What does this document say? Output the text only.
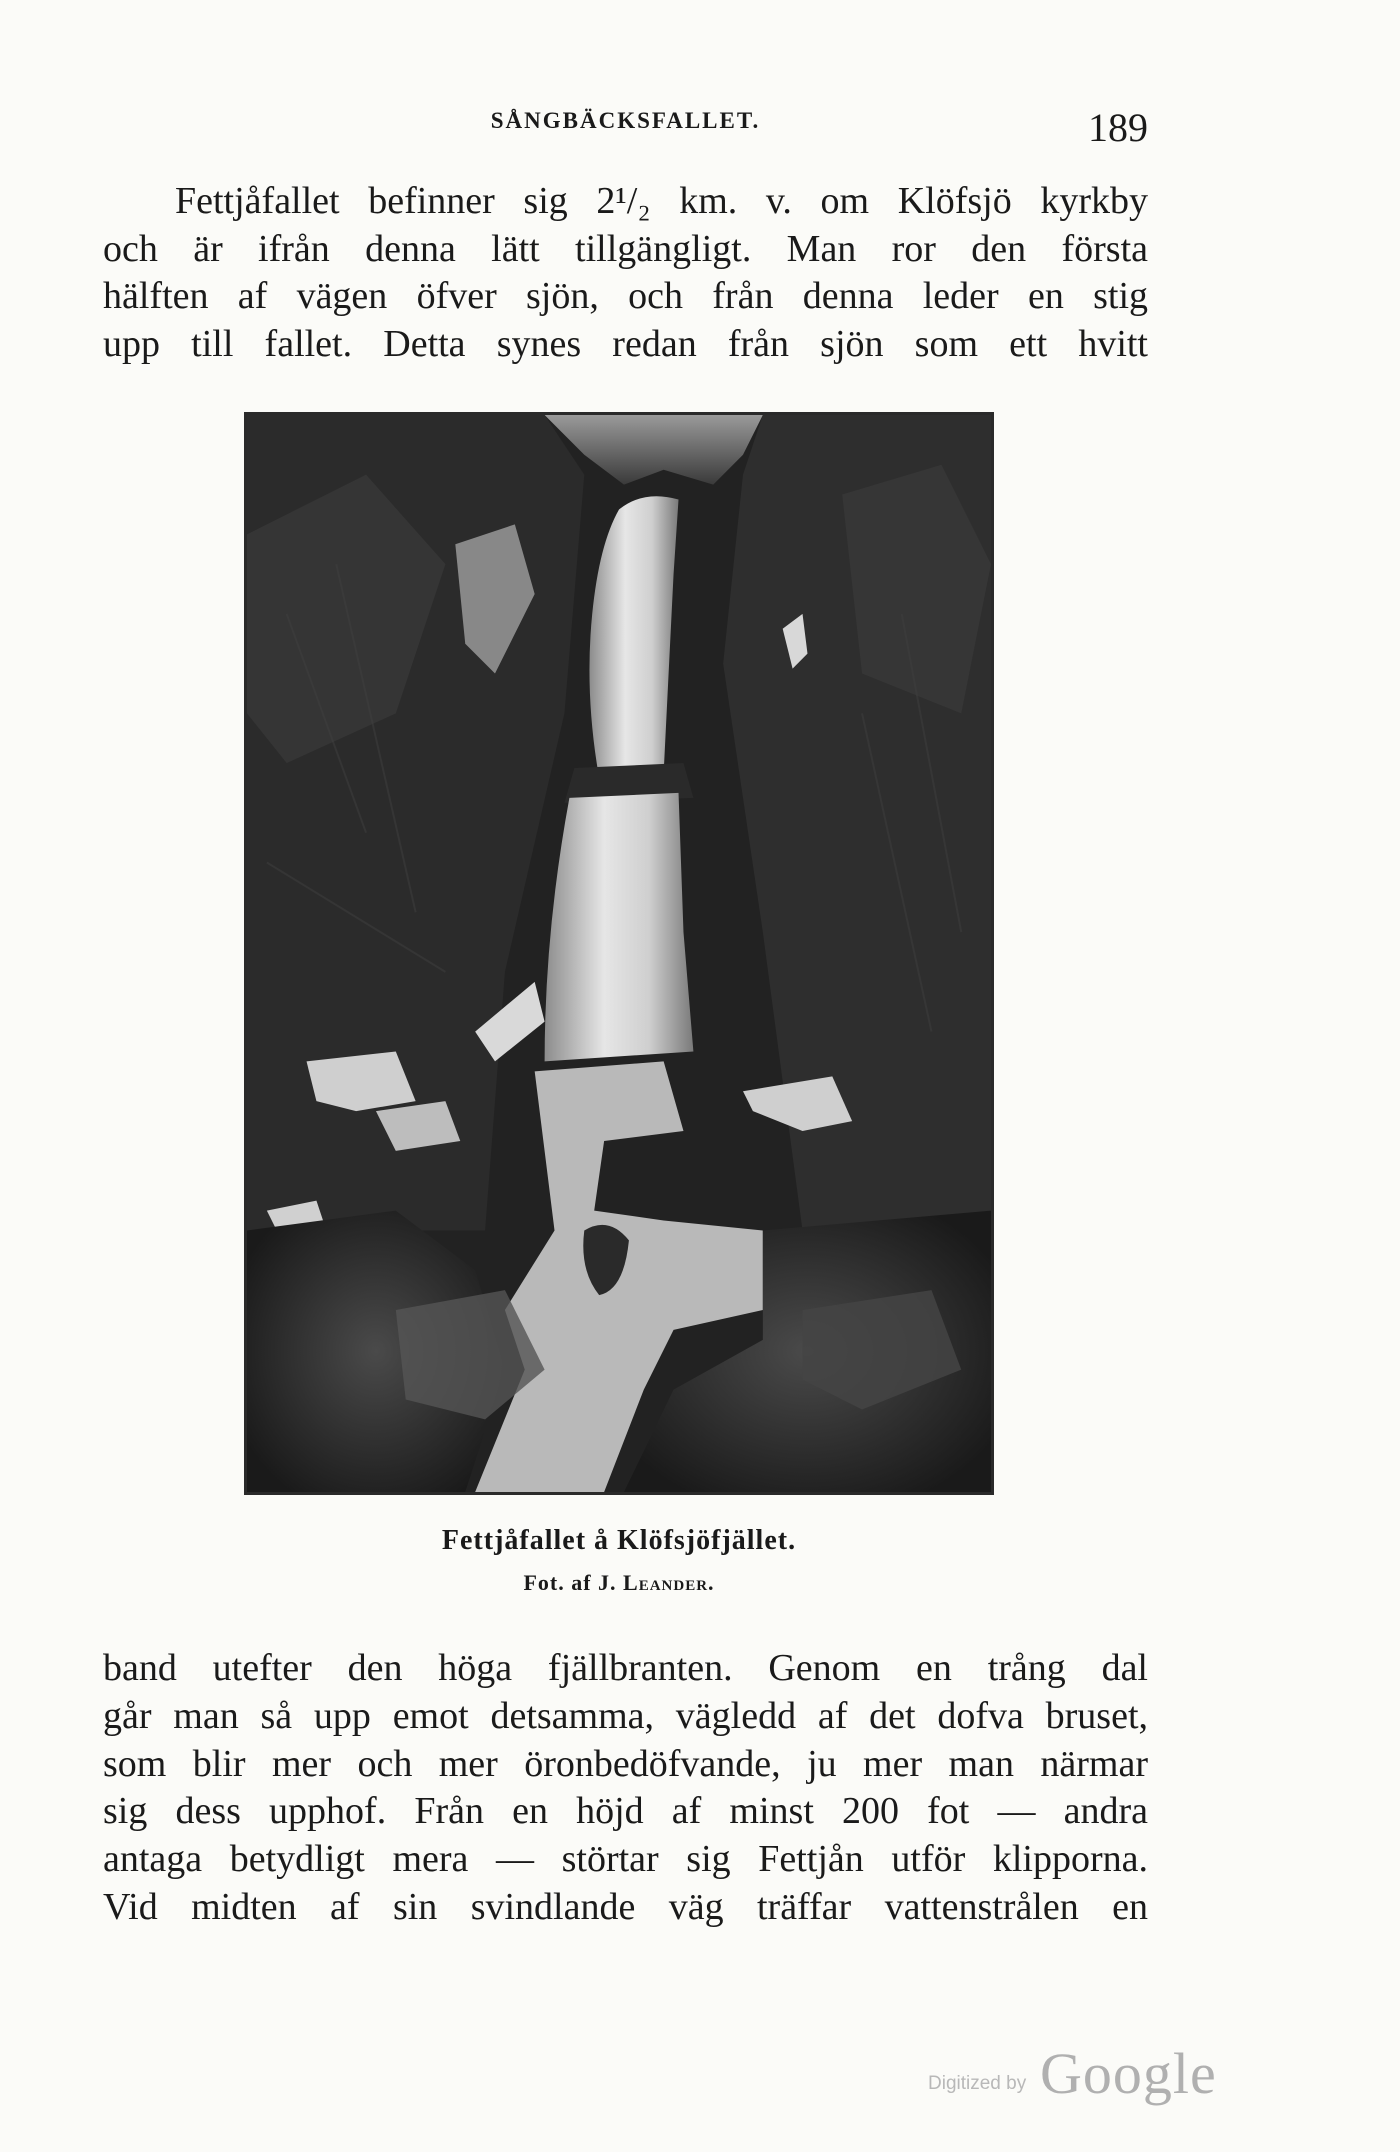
SÅNGBÄCKSFALLET.	189
Fettjåfallet befinner sig 2¹/₂ km. v. om Klöfsjö kyrkby
och är ifrån denna lätt tillgängligt. Man ror den första
hälften af vägen öfver sjön, och från denna leder en stig
upp till fallet. Detta synes redan från sjön som ett hvitt
Fettjåfallet å Klöfsjöfjället.
Fot. af J. Leander.
band utefter den höga fjällbranten. Genom en trång dal
går man så upp emot detsamma, vägledd af det dofva bruset,
som blir mer och mer öronbedöfvande, ju mer man närmar
sig dess upphof. Från en höjd af minst 200 fot — andra
antaga betydligt mera — störtar sig Fettjån utför klipporna.
Vid midten af sin svindlande väg träffar vattenstrålen en
Digitized by Google
